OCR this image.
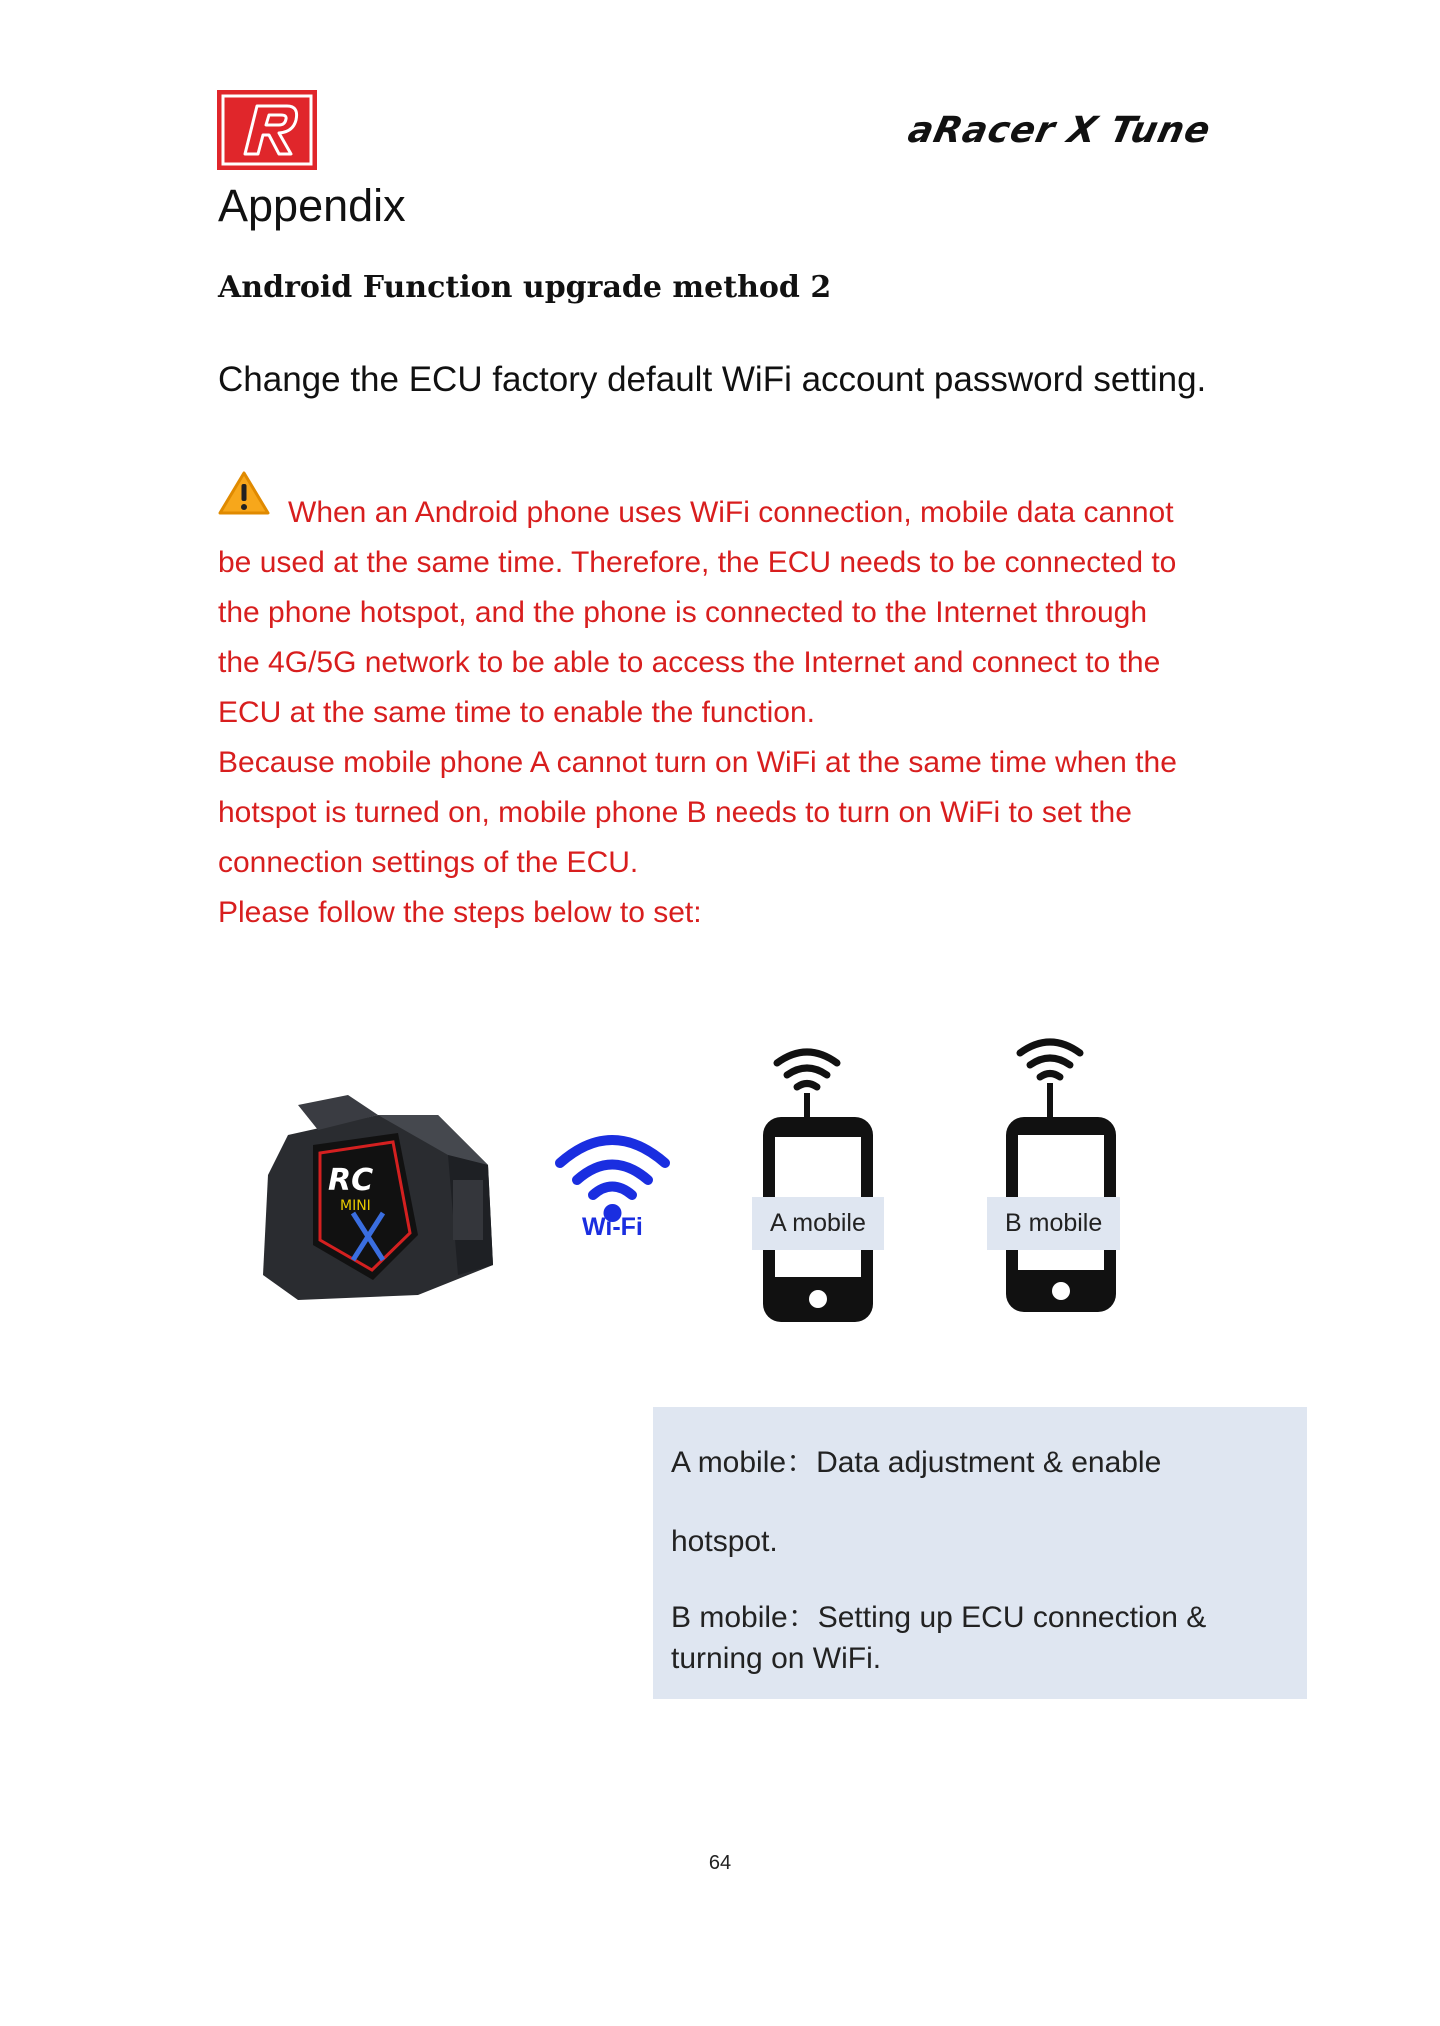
aRacer X Tune
Appendix
Android Function upgrade method 2
Change the ECU factory default WiFi account password setting.

When an Android phone uses WiFi connection, mobile data cannot

be used at the same time. Therefore, the ECU needs to be connected to

the phone hotspot, and the phone is connected to the Internet through

the 4G/5G network to be able to access the Internet and connect to the

ECU at the same time to enable the function.

Because mobile phone A cannot turn on WiFi at the same time when the

hotspot is turned on, mobile phone B needs to turn on WiFi to set the

connection settings of the ECU.

Please follow the steps below to set:

RC
MINI
Wi-Fi	A mobile	B mobile
A mobile：Data adjustment & enable
hotspot.
B mobile：Setting up ECU connection &
turning on WiFi.
64
